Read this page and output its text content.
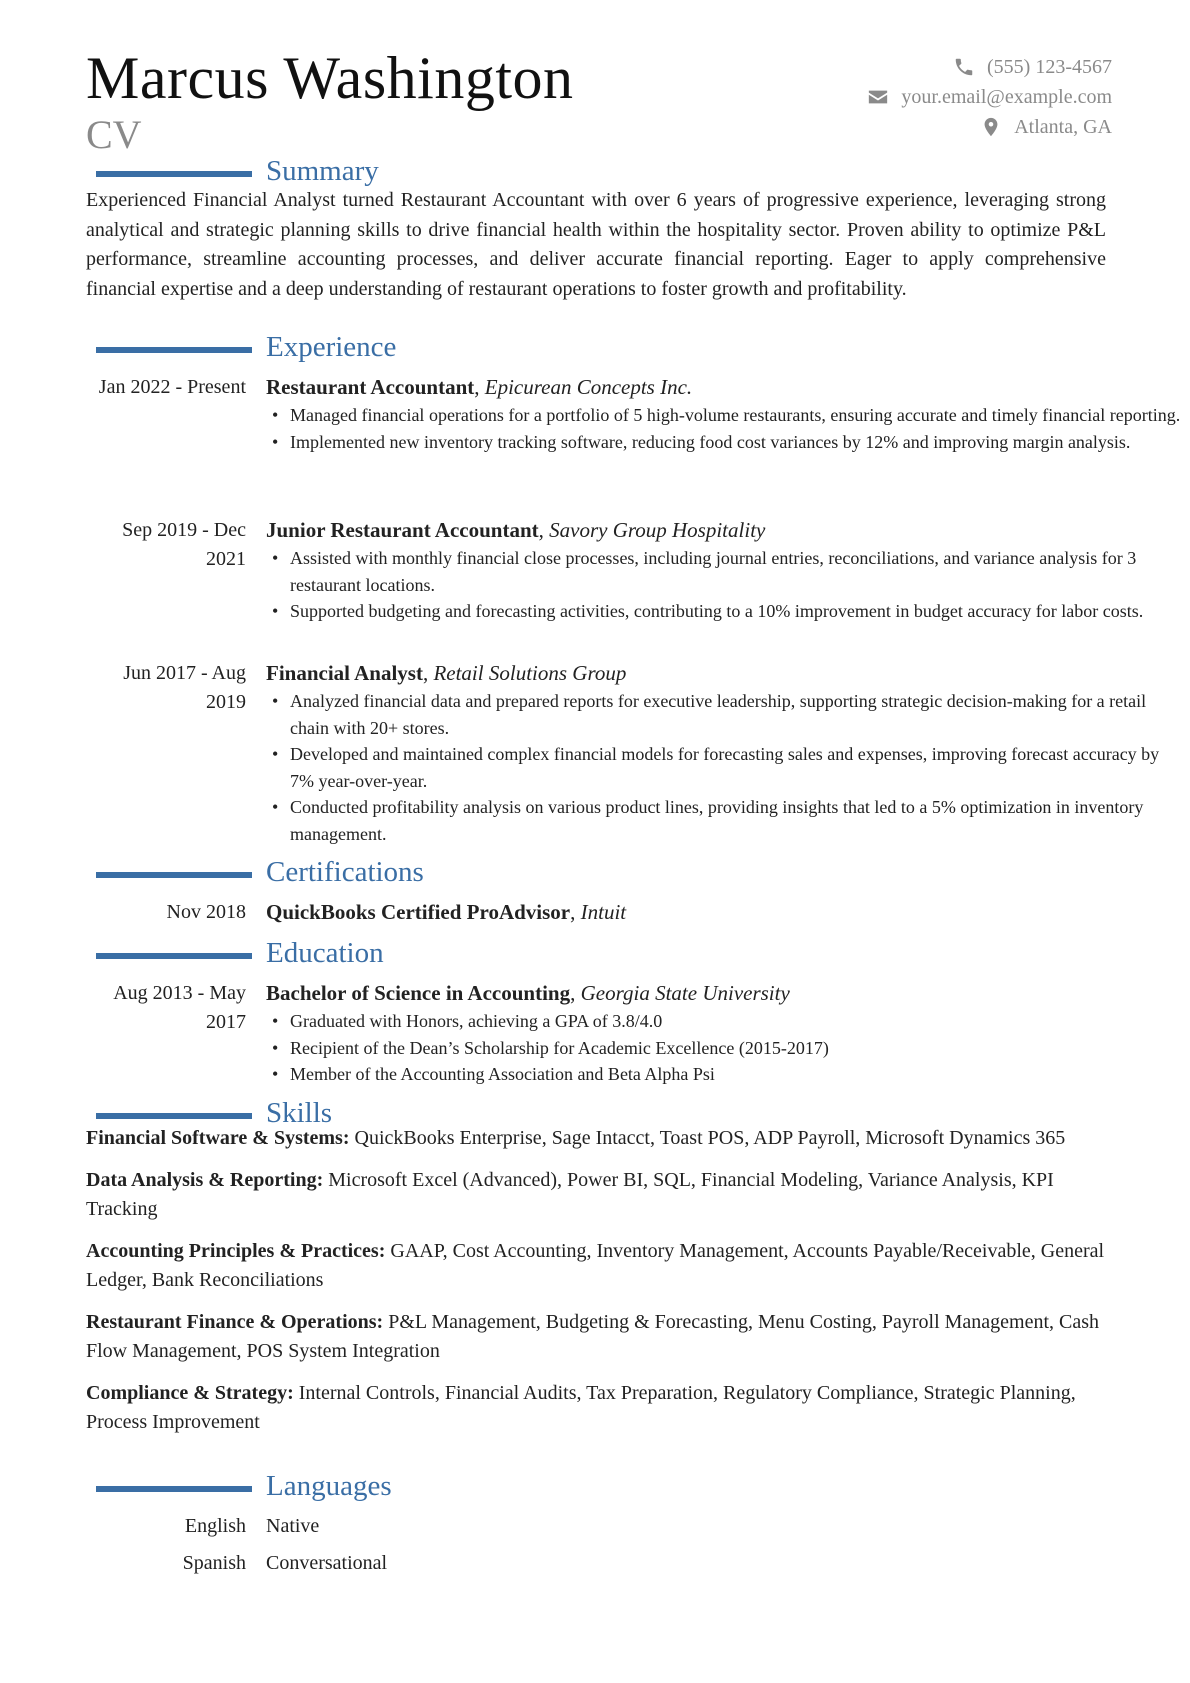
Marcus Washington
CV
(555) 123-4567
your.email@example.com
Atlanta, GA
Summary
Experienced Financial Analyst turned Restaurant Accountant with over 6 years of progressive experience, leveraging strong analytical and strategic planning skills to drive financial health within the hospitality sector. Proven ability to optimize P&L performance, streamline accounting processes, and deliver accurate financial reporting. Eager to apply comprehensive financial expertise and a deep understanding of restaurant operations to foster growth and profitability.
Experience
Jan 2022 - Present Restaurant Accountant, Epicurean Concepts Inc.
• Managed financial operations for a portfolio of 5 high-volume restaurants, ensuring accurate and timely financial reporting.
• Implemented new inventory tracking software, reducing food cost variances by 12% and improving margin analysis.
Sep 2019 - Dec 2021
Junior Restaurant Accountant, Savory Group Hospitality
• Assisted with monthly financial close processes, including journal entries, reconciliations, and variance analysis for 3 restaurant locations.
• Supported budgeting and forecasting activities, contributing to a 10% improvement in budget accuracy for labor costs.
Jun 2017 - Aug 2019
Financial Analyst, Retail Solutions Group
• Analyzed financial data and prepared reports for executive leadership, supporting strategic decision-making for a retail chain with 20+ stores.
• Developed and maintained complex financial models for forecasting sales and expenses, improving forecast accuracy by 7% year-over-year.
• Conducted profitability analysis on various product lines, providing insights that led to a 5% optimization in inventory management.
Certifications
Nov 2018 QuickBooks Certified ProAdvisor, Intuit
Education
Aug 2013 - May 2017
Bachelor of Science in Accounting, Georgia State University
• Graduated with Honors, achieving a GPA of 3.8/4.0
• Recipient of the Dean’s Scholarship for Academic Excellence (2015-2017)
• Member of the Accounting Association and Beta Alpha Psi
Skills
Financial Software & Systems: QuickBooks Enterprise, Sage Intacct, Toast POS, ADP Payroll, Microsoft Dynamics 365
Data Analysis & Reporting: Microsoft Excel (Advanced), Power BI, SQL, Financial Modeling, Variance Analysis, KPI Tracking
Accounting Principles & Practices: GAAP, Cost Accounting, Inventory Management, Accounts Payable/Receivable, General Ledger, Bank Reconciliations
Restaurant Finance & Operations: P&L Management, Budgeting & Forecasting, Menu Costing, Payroll Management, Cash Flow Management, POS System Integration
Compliance & Strategy: Internal Controls, Financial Audits, Tax Preparation, Regulatory Compliance, Strategic Planning, Process Improvement
Languages
English Native
Spanish Conversational
